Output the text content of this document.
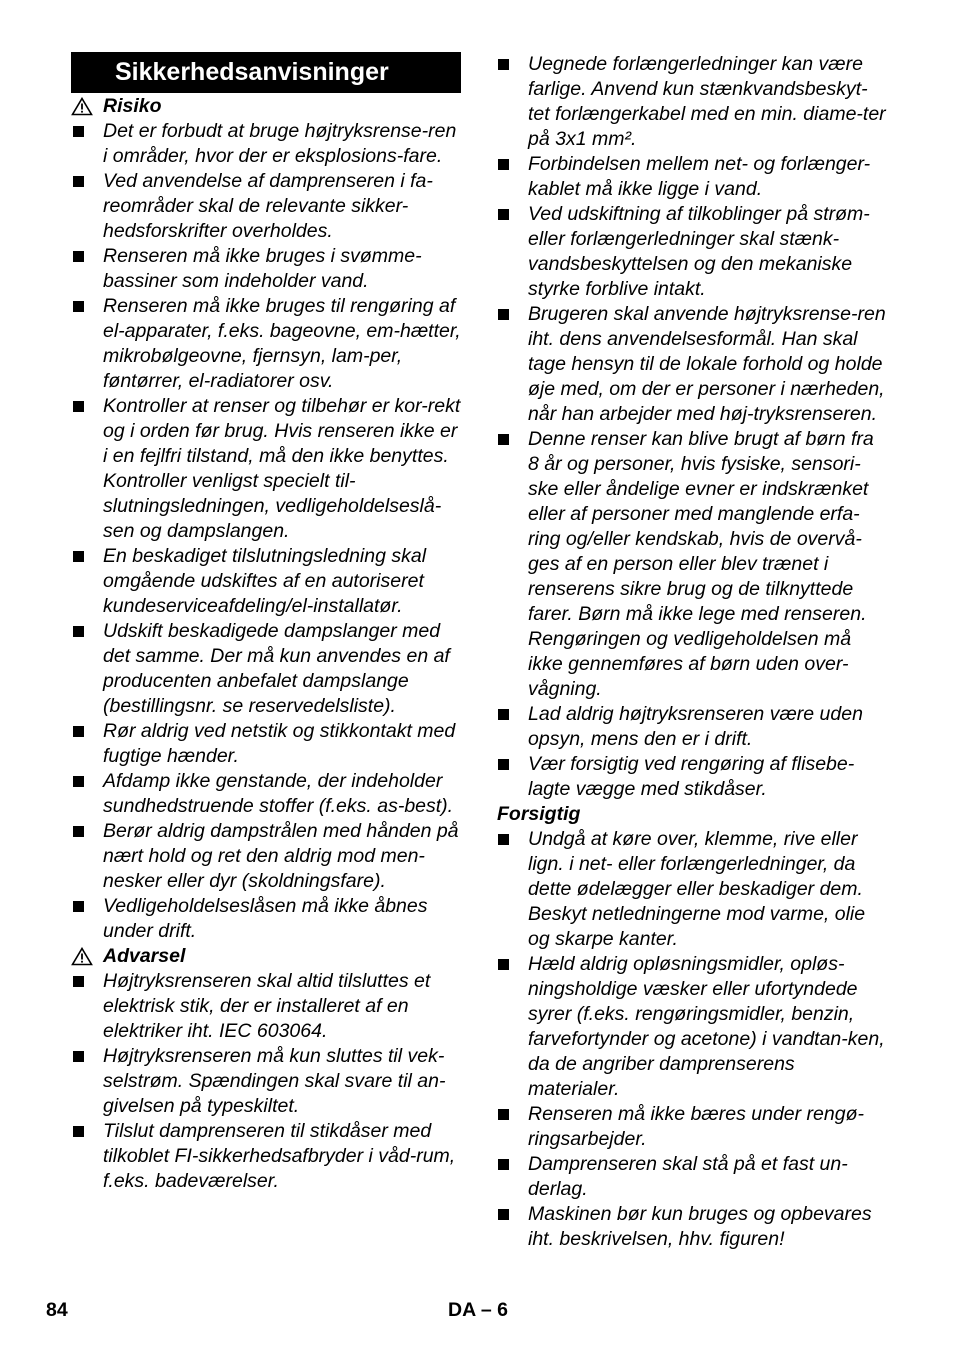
Sikkerhedsanvisninger
Risiko
Det er forbudt at bruge højtryksrense-ren i områder, hvor der er eksplosions-fare.
Ved anvendelse af damprenseren i fa-reområder skal de relevante sikker-hedsforskrifter overholdes.
Renseren må ikke bruges i svømme-bassiner som indeholder vand.
Renseren må ikke bruges til rengøring af el-apparater, f.eks. bageovne, em-hætter, mikrobølgeovne, fjernsyn, lam-per, føntørrer, el-radiatorer osv.
Kontroller at renser og tilbehør er kor-rekt og i orden før brug. Hvis renseren ikke er i en fejlfri tilstand, må den ikke benyttes. Kontroller venligst specielt til-slutningsledningen, vedligeholdelseslå-sen og dampslangen.
En beskadiget tilslutningsledning skal omgående udskiftes af en autoriseret kundeserviceafdeling/el-installatør.
Udskift beskadigede dampslanger med det samme. Der må kun anvendes en af producenten anbefalet dampslange (bestillingsnr. se reservedelsliste).
Rør aldrig ved netstik og stikkontakt med fugtige hænder.
Afdamp ikke genstande, der indeholder sundhedstruende stoffer (f.eks. as-best).
Berør aldrig dampstrålen med hånden på nært hold og ret den aldrig mod men-nesker eller dyr (skoldningsfare).
Vedligeholdelseslåsen må ikke åbnes under drift.
Advarsel
Højtryksrenseren skal altid tilsluttes et elektrisk stik, der er installeret af en elektriker iht. IEC 603064.
Højtryksrenseren må kun sluttes til vek-selstrøm. Spændingen skal svare til an-givelsen på typeskiltet.
Tilslut damprenseren til stikdåser med tilkoblet FI-sikkerhedsafbryder i våd-rum, f.eks. badeværelser.
Uegnede forlængerledninger kan være farlige. Anvend kun stænkvandsbeskyt-tet forlængerkabel med en min. diame-ter på 3x1 mm².
Forbindelsen mellem net- og forlænger-kablet må ikke ligge i vand.
Ved udskiftning af tilkoblinger på strøm-eller forlængerledninger skal stænk-vandsbeskyttelsen og den mekaniske styrke forblive intakt.
Brugeren skal anvende højtryksrense-ren iht. dens anvendelsesformål. Han skal tage hensyn til de lokale forhold og holde øje med, om der er personer i nærheden, når han arbejder med høj-tryksrenseren.
Denne renser kan blive brugt af børn fra 8 år og personer, hvis fysiske, sensori-ske eller åndelige evner er indskrænket eller af personer med manglende erfa-ring og/eller kendskab, hvis de overvå-ges af en person eller blev trænet i renserens sikre brug og de tilknyttede farer. Børn må ikke lege med renseren. Rengøringen og vedligeholdelsen må ikke gennemføres af børn uden over-vågning.
Lad aldrig højtryksrenseren være uden opsyn, mens den er i drift.
Vær forsigtig ved rengøring af flisebe-lagte vægge med stikdåser.
Forsigtig
Undgå at køre over, klemme, rive eller lign. i net- eller forlængerledninger, da dette ødelægger eller beskadiger dem. Beskyt netledningerne mod varme, olie og skarpe kanter.
Hæld aldrig opløsningsmidler, opløs-ningsholdige væsker eller ufortyndede syrer (f.eks. rengøringsmidler, benzin, farvefortynder og acetone) i vandtan-ken, da de angriber damprenserens materialer.
Renseren må ikke bæres under rengø-ringsarbejder.
Damprenseren skal stå på et fast un-derlag.
Maskinen bør kun bruges og opbevares iht. beskrivelsen, hhv. figuren!
84	DA – 6
